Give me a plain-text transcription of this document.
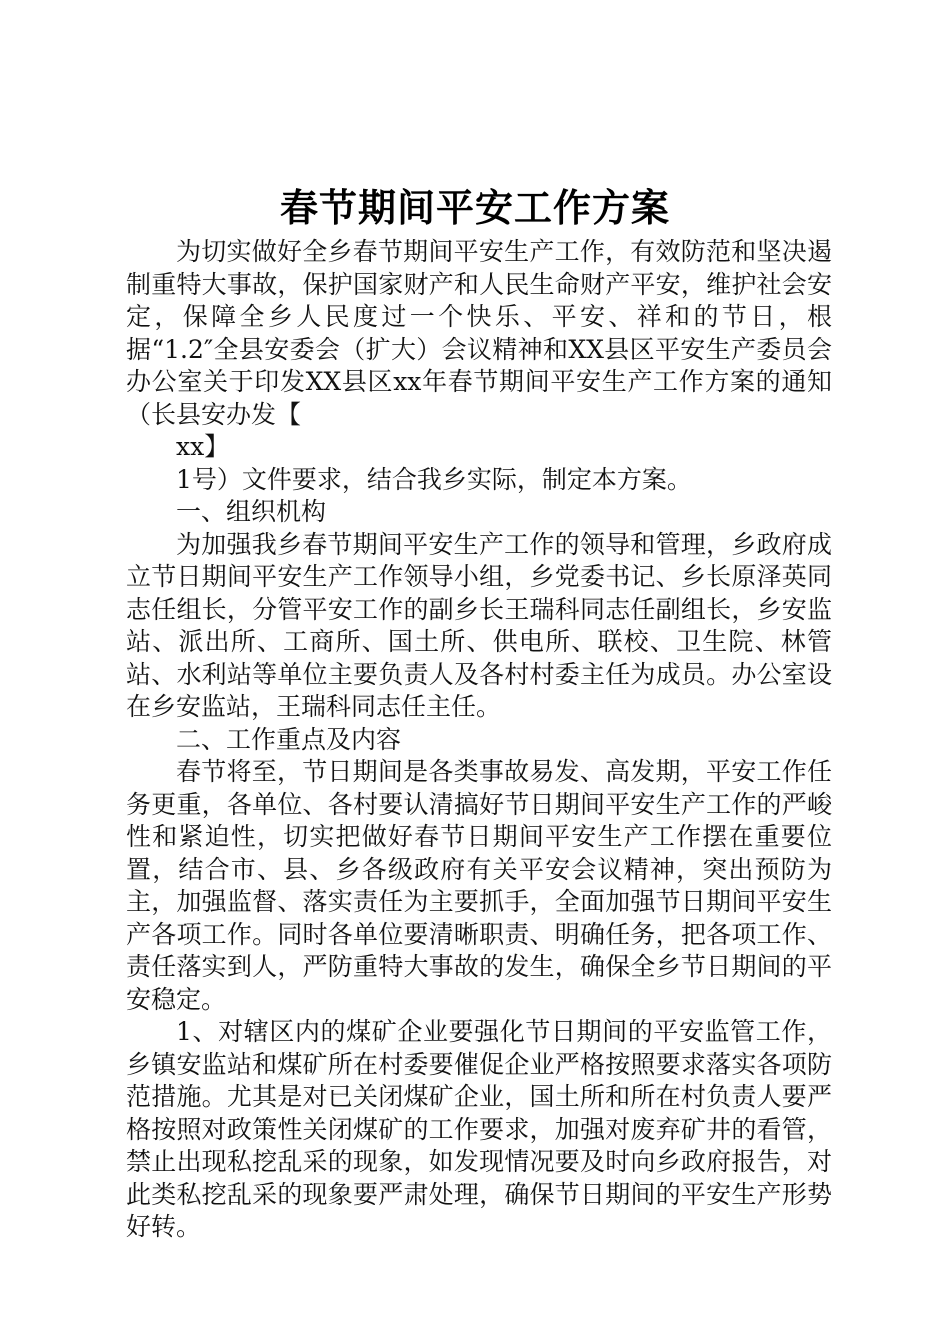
春节期间平安工作方案

为切实做好全乡春节期间平安生产工作，有效防范和坚决遏制重特大事故，保护国家财产和人民生命财产平安，维护社会安定，保障全乡人民度过一个快乐、平安、祥和的节日，根据“1.2″全县安委会（扩大）会议精神和XX县区平安生产委员会办公室关于印发XX县区xx年春节期间平安生产工作方案的通知（长县安办发【

xx】

1号）文件要求，结合我乡实际，制定本方案。

一、组织机构

为加强我乡春节期间平安生产工作的领导和管理，乡政府成立节日期间平安生产工作领导小组，乡党委书记、乡长原泽英同志任组长，分管平安工作的副乡长王瑞科同志任副组长，乡安监站、派出所、工商所、国土所、供电所、联校、卫生院、林管站、水利站等单位主要负责人及各村村委主任为成员。办公室设在乡安监站，王瑞科同志任主任。

二、工作重点及内容

春节将至，节日期间是各类事故易发、高发期，平安工作任务更重，各单位、各村要认清搞好节日期间平安生产工作的严峻性和紧迫性，切实把做好春节日期间平安生产工作摆在重要位置，结合市、县、乡各级政府有关平安会议精神，突出预防为主，加强监督、落实责任为主要抓手，全面加强节日期间平安生产各项工作。同时各单位要清晰职责、明确任务，把各项工作、责任落实到人，严防重特大事故的发生，确保全乡节日期间的平安稳定。

1、对辖区内的煤矿企业要强化节日期间的平安监管工作，乡镇安监站和煤矿所在村委要催促企业严格按照要求落实各项防范措施。尤其是对已关闭煤矿企业，国土所和所在村负责人要严格按照对政策性关闭煤矿的工作要求，加强对废弃矿井的看管，禁止出现私挖乱采的现象，如发现情况要及时向乡政府报告，对此类私挖乱采的现象要严肃处理，确保节日期间的平安生产形势好转。
